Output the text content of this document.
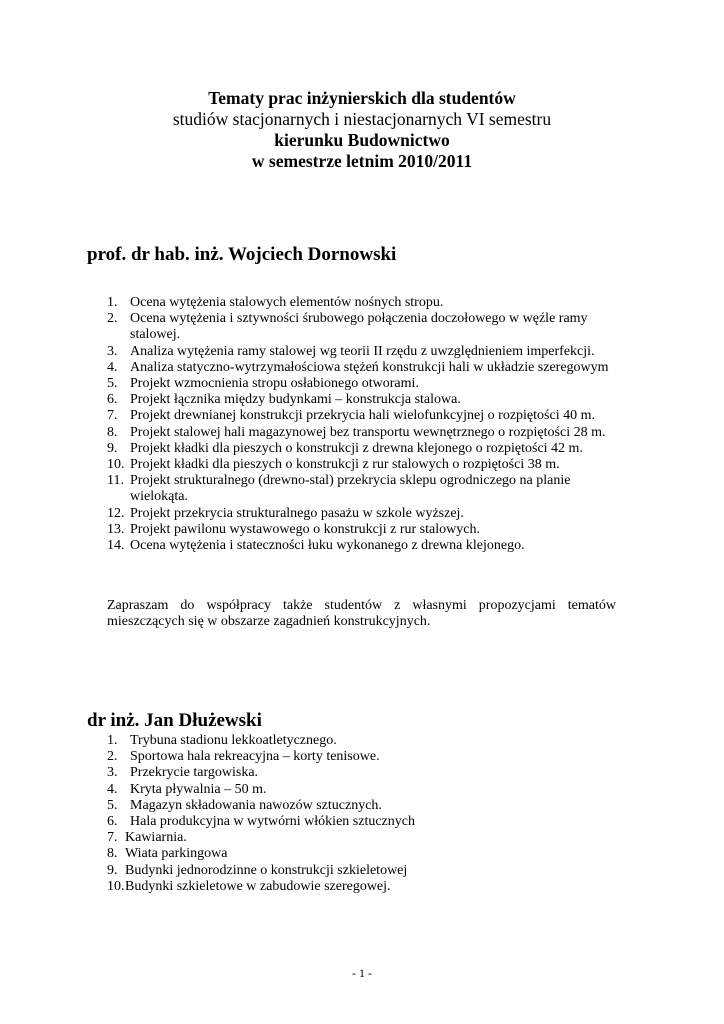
Tematy prac inżynierskich dla studentów
studiów stacjonarnych i niestacjonarnych VI semestru
kierunku Budownictwo
w semestrze letnim 2010/2011
prof. dr hab. inż. Wojciech Dornowski
1. Ocena wytężenia stalowych elementów nośnych stropu.
2. Ocena wytężenia i sztywności śrubowego połączenia doczołowego w węźle ramy stalowej.
3. Analiza wytężenia ramy stalowej wg teorii II rzędu z uwzględnieniem imperfekcji.
4. Analiza statyczno-wytrzymałościowa stężeń konstrukcji hali w układzie szeregowym
5. Projekt wzmocnienia stropu osłabionego otworami.
6. Projekt łącznika między budynkami – konstrukcja stalowa.
7. Projekt drewnianej konstrukcji przekrycia hali wielofunkcyjnej o rozpiętości 40 m.
8. Projekt stalowej hali magazynowej bez transportu wewnętrznego o rozpiętości 28 m.
9. Projekt kładki dla pieszych o konstrukcji z drewna klejonego o rozpiętości 42 m.
10. Projekt kładki dla pieszych o konstrukcji z rur stalowych o rozpiętości 38 m.
11. Projekt strukturalnego (drewno-stal) przekrycia sklepu ogrodniczego na planie wielokąta.
12. Projekt przekrycia strukturalnego pasażu w szkole wyższej.
13. Projekt pawilonu wystawowego o konstrukcji z rur stalowych.
14. Ocena wytężenia i stateczności łuku wykonanego z drewna klejonego.
Zapraszam do współpracy także studentów z własnymi propozycjami tematów mieszczących się w obszarze zagadnień konstrukcyjnych.
dr inż. Jan Dłużewski
1. Trybuna stadionu lekkoatletycznego.
2. Sportowa hala rekreacyjna – korty tenisowe.
3. Przekrycie targowiska.
4. Kryta pływalnia – 50 m.
5. Magazyn składowania nawozów sztucznych.
6. Hala produkcyjna w wytwórni włókien sztucznych
7. Kawiarnia.
8. Wiata parkingowa
9. Budynki jednorodzinne o konstrukcji szkieletowej
10. Budynki szkieletowe w zabudowie szeregowej.
- 1 -
